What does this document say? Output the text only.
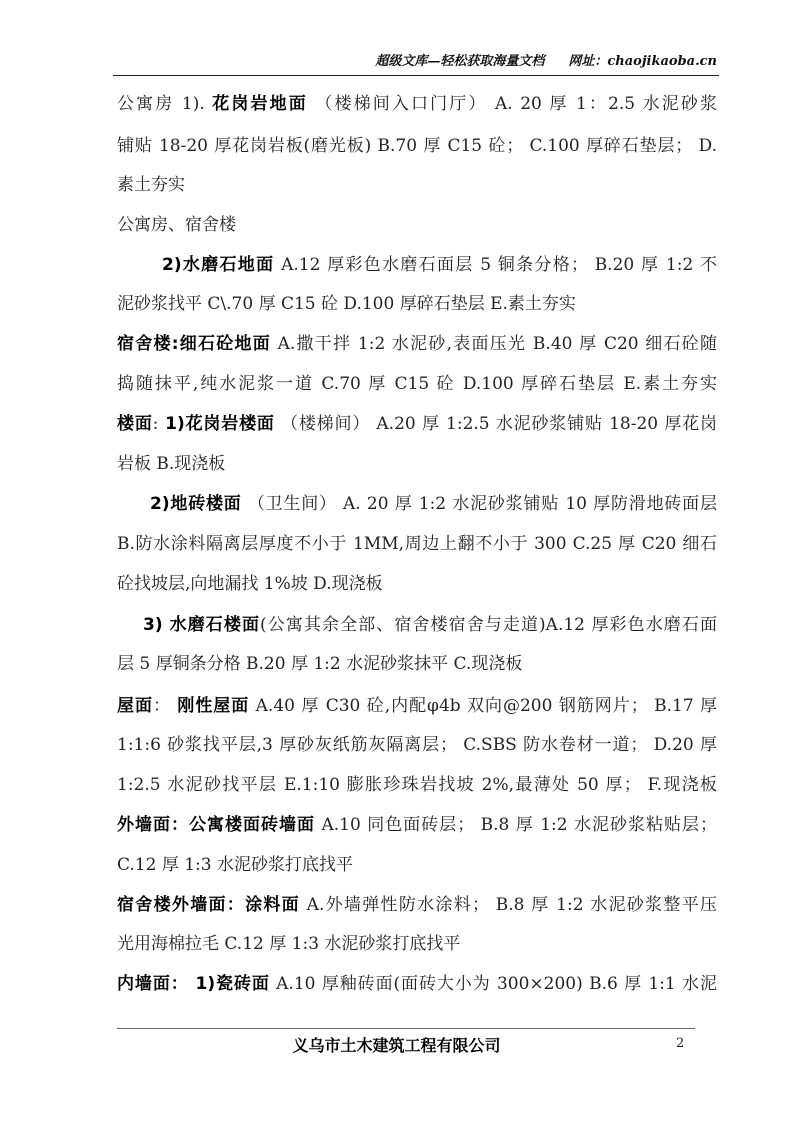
超级文库—轻松获取海量文档 网址：chaojikaoba.cn
公寓房 1). 花岗岩地面 （楼梯间入口门厅） A. 20 厚 1：2.5 水泥砂浆
铺贴 18-20 厚花岗岩板(磨光板) B.70 厚 C15 砼； C.100 厚碎石垫层； D.
素土夯实
公寓房、宿舍楼
2)水磨石地面 A.12 厚彩色水磨石面层 5 铜条分格； B.20 厚 1:2 不
泥砂浆找平 C\.70 厚 C15 砼 D.100 厚碎石垫层 E.素土夯实
宿舍楼:细石砼地面 A.撒干拌 1:2 水泥砂,表面压光 B.40 厚 C20 细石砼随
捣随抹平,纯水泥浆一道 C.70 厚 C15 砼 D.100 厚碎石垫层 E.素土夯实
楼面: 1)花岗岩楼面 （楼梯间） A.20 厚 1:2.5 水泥砂浆铺贴 18-20 厚花岗
岩板 B.现浇板
2)地砖楼面 （卫生间） A. 20 厚 1:2 水泥砂浆铺贴 10 厚防滑地砖面层
B.防水涂料隔离层厚度不小于 1MM,周边上翻不小于 300 C.25 厚 C20 细石
砼找坡层,向地漏找 1%坡 D.现浇板
3) 水磨石楼面(公寓其余全部、宿舍楼宿舍与走道)A.12 厚彩色水磨石面
层 5 厚铜条分格 B.20 厚 1:2 水泥砂浆抹平 C.现浇板
屋面： 刚性屋面 A.40 厚 C30 砼,内配φ4b 双向@200 钢筋网片； B.17 厚
1:1:6 砂浆找平层,3 厚砂灰纸筋灰隔离层； C.SBS 防水卷材一道； D.20 厚
1:2.5 水泥砂找平层 E.1:10 膨胀珍珠岩找坡 2%,最薄处 50 厚； F.现浇板
外墙面：公寓楼面砖墙面 A.10 同色面砖层； B.8 厚 1:2 水泥砂浆粘贴层；
C.12 厚 1:3 水泥砂浆打底找平
宿舍楼外墙面：涂料面 A.外墙弹性防水涂料； B.8 厚 1:2 水泥砂浆整平压
光用海棉拉毛 C.12 厚 1:3 水泥砂浆打底找平
内墙面： 1)瓷砖面 A.10 厚釉砖面(面砖大小为 300×200) B.6 厚 1:1 水泥
义乌市土木建筑工程有限公司	2
